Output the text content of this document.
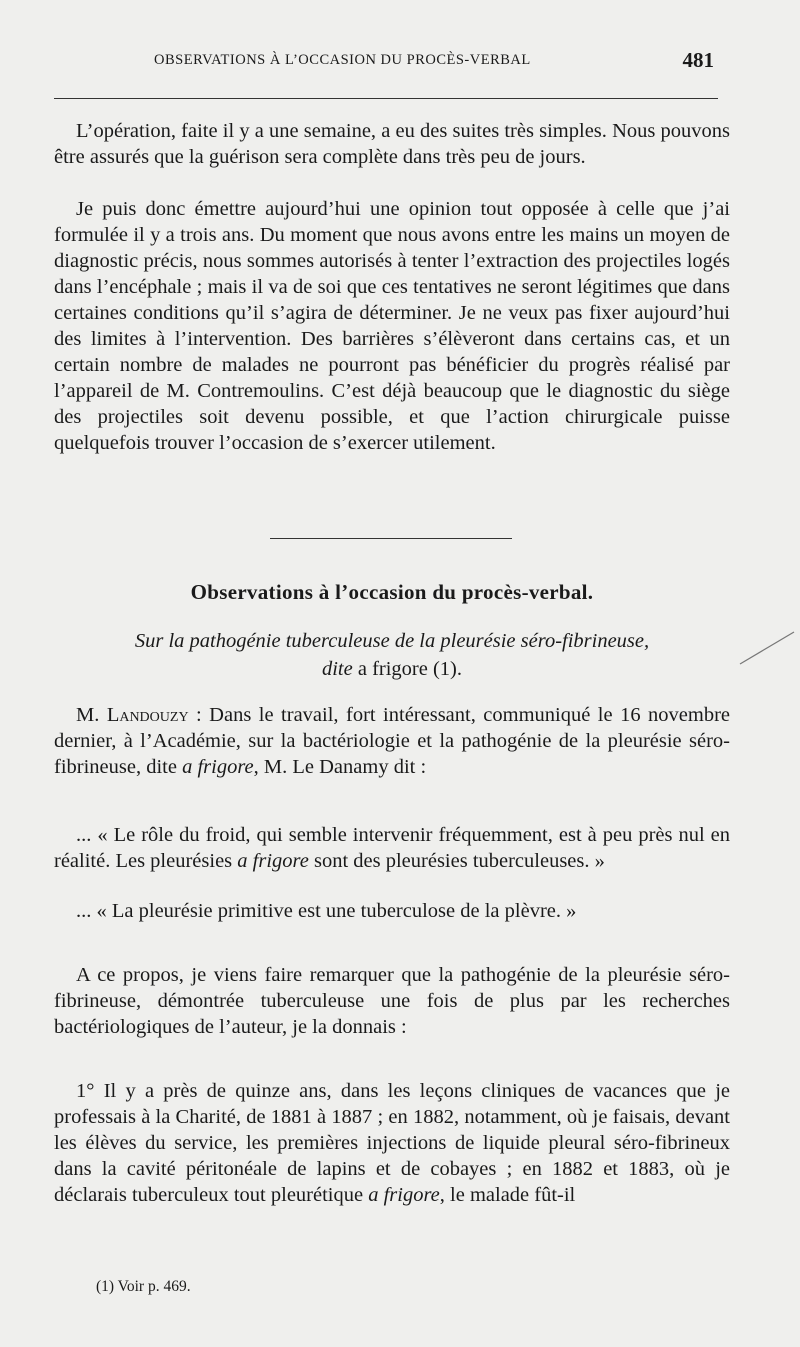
OBSERVATIONS À L’OCCASION DU PROCÈS-VERBAL	481

L’opération, faite il y a une semaine, a eu des suites très simples. Nous pouvons être assurés que la guérison sera complète dans très peu de jours.

Je puis donc émettre aujourd’hui une opinion tout opposée à celle que j’ai formulée il y a trois ans. Du moment que nous avons entre les mains un moyen de diagnostic précis, nous sommes autorisés à tenter l’extraction des projectiles logés dans l’encéphale ; mais il va de soi que ces tentatives ne seront légitimes que dans certaines conditions qu’il s’agira de déterminer. Je ne veux pas fixer aujourd’hui des limites à l’intervention. Des barrières s’élèveront dans certains cas, et un certain nombre de malades ne pourront pas bénéficier du progrès réalisé par l’appareil de M. Contremoulins. C’est déjà beaucoup que le diagnostic du siège des projectiles soit devenu possible, et que l’action chirurgicale puisse quelquefois trouver l’occasion de s’exercer utilement.

Observations à l’occasion du procès-verbal.
Sur la pathogénie tuberculeuse de la pleurésie séro-fibrineuse,
dite a frigore (1).

M. Landouzy : Dans le travail, fort intéressant, communiqué le 16 novembre dernier, à l’Académie, sur la bactériologie et la pathogénie de la pleurésie séro-fibrineuse, dite a frigore, M. Le Danamy dit :

... « Le rôle du froid, qui semble intervenir fréquemment, est à peu près nul en réalité. Les pleurésies a frigore sont des pleurésies tuberculeuses. »

... « La pleurésie primitive est une tuberculose de la plèvre. »

A ce propos, je viens faire remarquer que la pathogénie de la pleurésie séro-fibrineuse, démontrée tuberculeuse une fois de plus par les recherches bactériologiques de l’auteur, je la donnais :

1° Il y a près de quinze ans, dans les leçons cliniques de vacances que je professais à la Charité, de 1881 à 1887 ; en 1882, notamment, où je faisais, devant les élèves du service, les premières injections de liquide pleural séro-fibrineux dans la cavité péritonéale de lapins et de cobayes ; en 1882 et 1883, où je déclarais tuberculeux tout pleurétique a frigore, le malade fût-il

(1) Voir p. 469.
